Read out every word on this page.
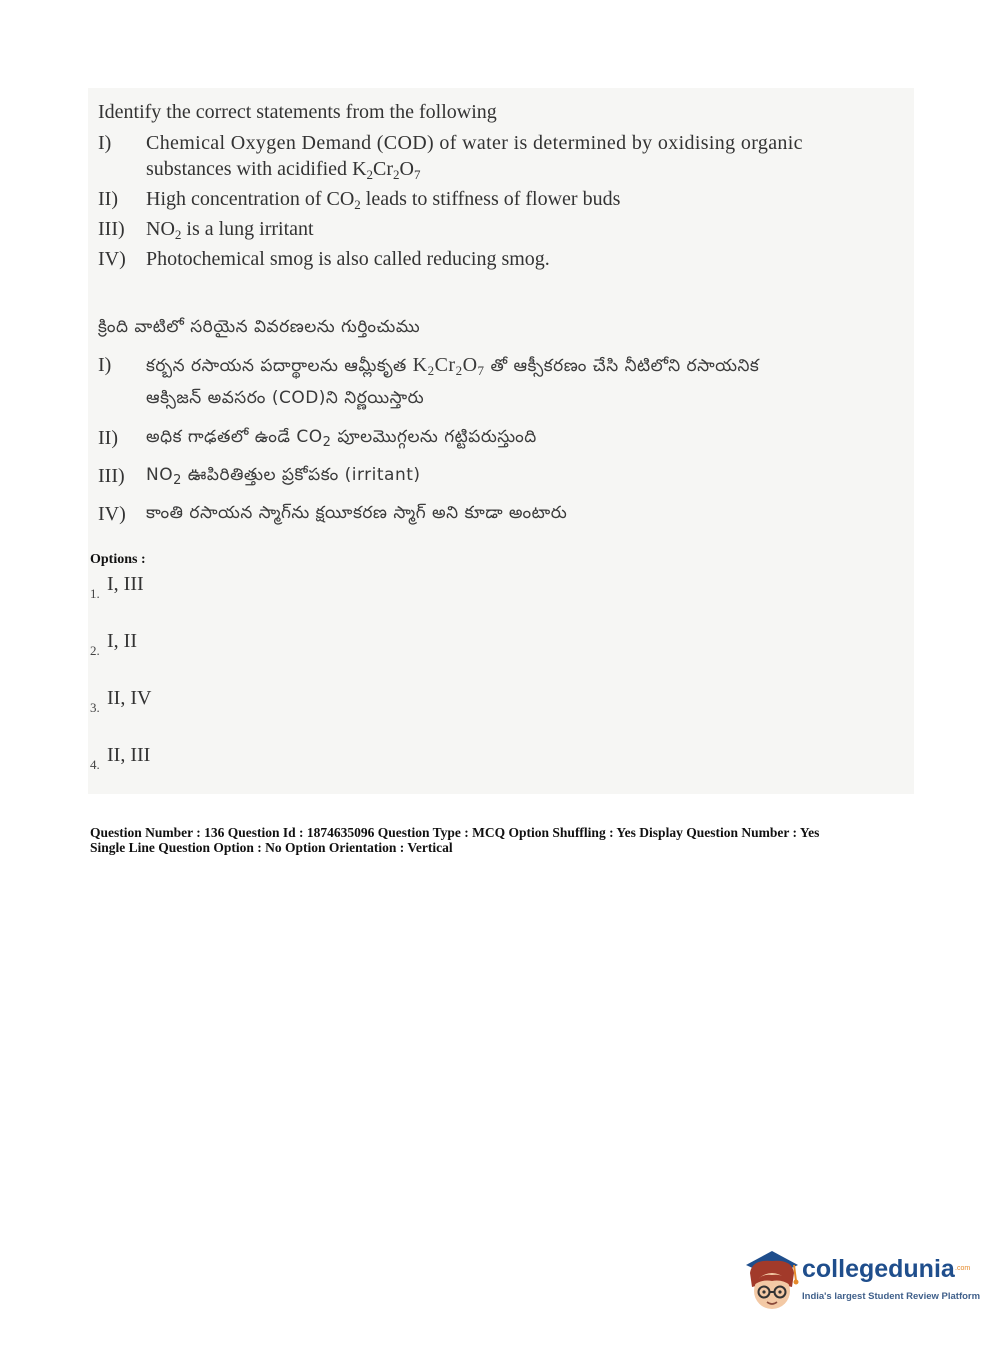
Identify the correct statements from the following
I) Chemical Oxygen Demand (COD) of water is determined by oxidising organic
substances with acidified $K_2Cr_2O_7$
II) High concentration of $CO_2$ leads to stiffness of flower buds
III) $NO_2$ is a lung irritant
IV) Photochemical smog is also called reducing smog.
క్రింది వాటిలో సరియైన వివరణలను గుర్తించుము
I) కర్బన రసాయన పదార్థాలను ఆమ్లీకృత $K_2Cr_2O_7$ తో ఆక్సీకరణం చేసి నీటిలోని రసాయనిక
ఆక్సిజన్ అవసరం (COD)ని నిర్ణయిస్తారు
II) అధిక గాఢతలో ఉండే $CO_2$ పూలమొగ్గలను గట్టిపరుస్తుంది
III) $NO_2$ ఊపిరితిత్తుల ప్రకోపకం (irritant)
IV) కాంతి రసాయన స్మాగ్‌ను క్షయీకరణ స్మాగ్ అని కూడా అంటారు
Options :
1. I, III
2. I, II
3. II, IV
4. II, III
Question Number : 136 Question Id : 1874635096 Question Type : MCQ Option Shuffling : Yes Display Question Number : Yes
Single Line Question Option : No Option Orientation : Vertical
collegedunia .com
India's largest Student Review Platform
